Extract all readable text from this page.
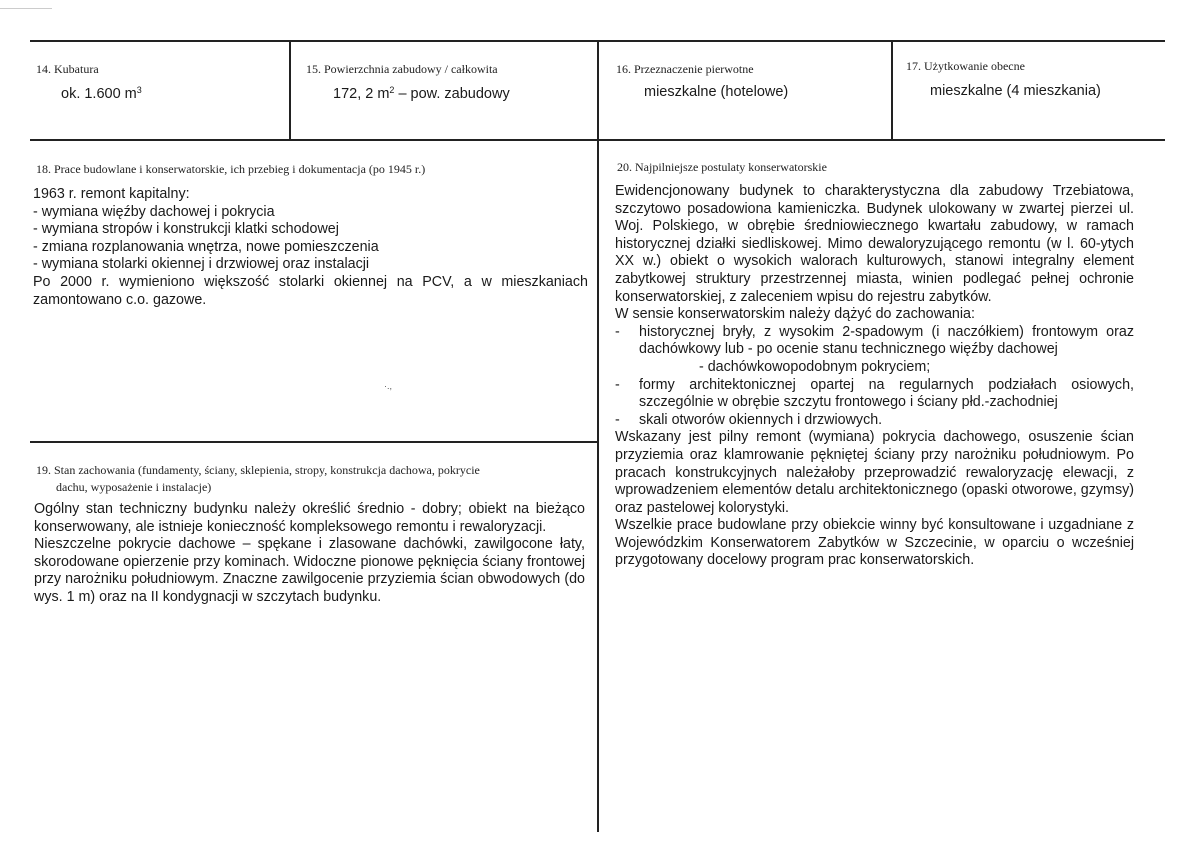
14. Kubatura
ok. 1.600 $m^3$
15. Powierzchnia zabudowy / całkowita
172, 2 $m^2$ – pow. zabudowy
16. Przeznaczenie pierwotne
mieszkalne (hotelowe)
17. Użytkowanie obecne
mieszkalne (4 mieszkania)
18. Prace budowlane i konserwatorskie, ich przebieg i dokumentacja (po 1945 r.)
1963 r. remont kapitalny:
- wymiana więźby dachowej i pokrycia
- wymiana stropów i konstrukcji klatki schodowej
- zmiana rozplanowania wnętrza, nowe pomieszczenia
- wymiana stolarki okiennej i drzwiowej oraz instalacji
Po 2000 r. wymieniono większość stolarki okiennej na PCV, a w mieszkaniach zamontowano c.o. gazowe.
·.,
19. Stan zachowania (fundamenty, ściany, sklepienia, stropy, konstrukcja dachowa, pokrycie
dachu, wyposażenie i instalacje)
Ogólny stan techniczny budynku należy określić średnio - dobry; obiekt na bieżąco konserwowany, ale istnieje konieczność kompleksowego remontu i rewaloryzacji.
Nieszczelne pokrycie dachowe – spękane i zlasowane dachówki, zawilgocone łaty, skorodowane opierzenie przy kominach. Widoczne pionowe pęknięcia ściany frontowej przy narożniku południowym. Znaczne zawilgocenie przyziemia ścian obwodowych (do wys. 1 m) oraz na II kondygnacji w szczytach budynku.
20. Najpilniejsze postulaty konserwatorskie
Ewidencjonowany budynek to charakterystyczna dla zabudowy Trzebiatowa, szczytowo posadowiona kamieniczka. Budynek ulokowany w zwartej pierzei ul. Woj. Polskiego, w obrębie średniowiecznego kwartału zabudowy, w ramach historycznej działki siedliskowej. Mimo dewaloryzującego remontu (w l. 60-ytych XX w.) obiekt o wysokich walorach kulturowych, stanowi integralny element zabytkowej struktury przestrzennej miasta, winien podlegać pełnej ochronie konserwatorskiej, z zaleceniem wpisu do rejestru zabytków.
W sensie konserwatorskim należy dążyć do zachowania:
- historycznej bryły, z wysokim 2-spadowym (i naczółkiem) frontowym oraz dachówkowy lub - po ocenie stanu technicznego więźby dachowej
- dachówkowopodobnym pokryciem;
- formy architektonicznej opartej na regularnych podziałach osiowych, szczególnie w obrębie szczytu frontowego i ściany płd.-zachodniej
- skali otworów okiennych i drzwiowych.
Wskazany jest pilny remont (wymiana) pokrycia dachowego, osuszenie ścian przyziemia oraz klamrowanie pękniętej ściany przy narożniku południowym. Po pracach konstrukcyjnych należałoby przeprowadzić rewaloryzację elewacji, z wprowadzeniem elementów detalu architektonicznego (opaski otworowe, gzymsy) oraz pastelowej kolorystyki.
Wszelkie prace budowlane przy obiekcie winny być konsultowane i uzgadniane z Wojewódzkim Konserwatorem Zabytków w Szczecinie, w oparciu o wcześniej przygotowany docelowy program prac konserwatorskich.
